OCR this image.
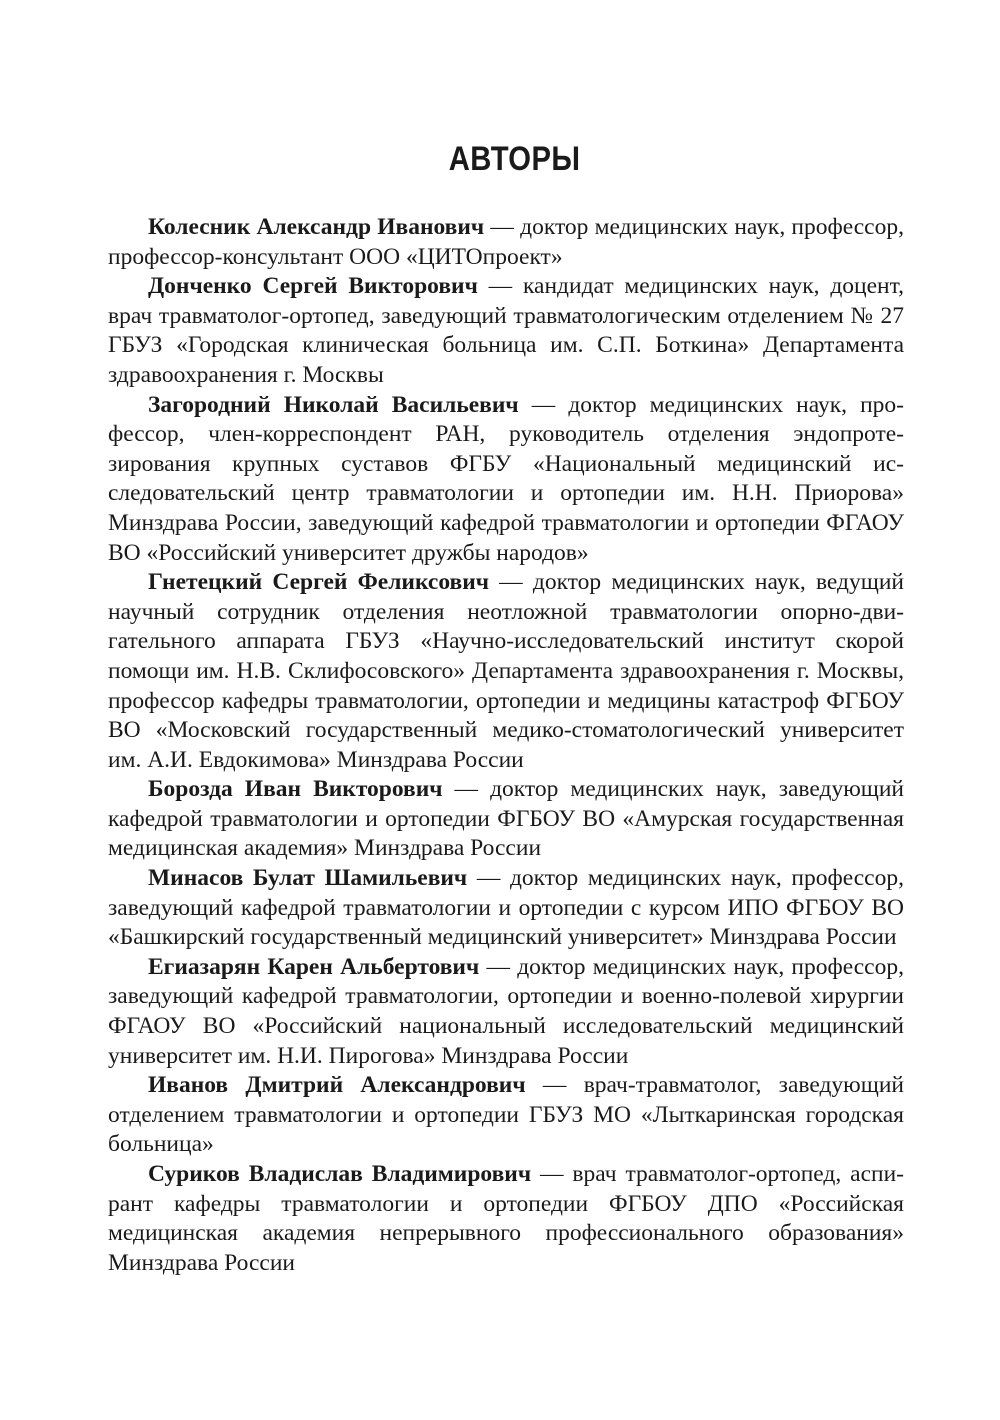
АВТОРЫ

Колесник Александр Иванович — доктор медицинских наук, профессор, профессор-консультант ООО «ЦИТОпроект»

Донченко Сергей Викторович — кандидат медицинских наук, доцент, врач травматолог-ортопед, заведующий травматологическим отделением № 27 ГБУЗ «Городская клиническая больница им. С.П. Боткина» Департамента здравоохранения г. Москвы

Загородний Николай Васильевич — доктор медицинских наук, профессор, член-корреспондент РАН, руководитель отделения эндопротезирования крупных суставов ФГБУ «Национальный медицинский исследовательский центр травматологии и ортопедии им. Н.Н. Приорова» Минздрава России, заведующий кафедрой травматологии и ортопедии ФГАОУ ВО «Российский университет дружбы народов»

Гнетецкий Сергей Феликсович — доктор медицинских наук, ведущий научный сотрудник отделения неотложной травматологии опорно-двигательного аппарата ГБУЗ «Научно-исследовательский институт скорой помощи им. Н.В. Склифосовского» Департамента здравоохранения г. Москвы, профессор кафедры травматологии, ортопедии и медицины катастроф ФГБОУ ВО «Московский государственный медико-стоматологический университет им. А.И. Евдокимова» Минздрава России

Борозда Иван Викторович — доктор медицинских наук, заведующий кафедрой травматологии и ортопедии ФГБОУ ВО «Амурская государственная медицинская академия» Минздрава России

Минасов Булат Шамильевич — доктор медицинских наук, профессор, заведующий кафедрой травматологии и ортопедии с курсом ИПО ФГБОУ ВО «Башкирский государственный медицинский университет» Минздрава России

Егиазарян Карен Альбертович — доктор медицинских наук, профессор, заведующий кафедрой травматологии, ортопедии и военно-полевой хирургии ФГАОУ ВО «Российский национальный исследовательский медицинский университет им. Н.И. Пирогова» Минздрава России

Иванов Дмитрий Александрович — врач-травматолог, заведующий отделением травматологии и ортопедии ГБУЗ МО «Лыткаринская городская больница»

Суриков Владислав Владимирович — врач травматолог-ортопед, аспирант кафедры травматологии и ортопедии ФГБОУ ДПО «Российская медицинская академия непрерывного профессионального образования» Минздрава России
